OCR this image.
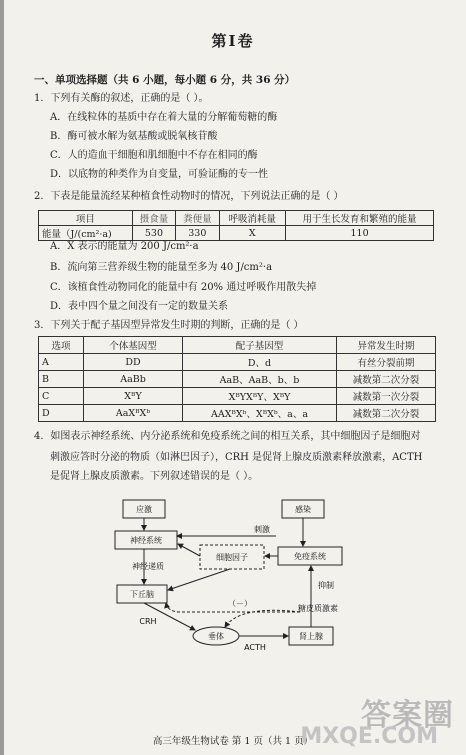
第Ⅰ卷
一、单项选择题（共 6 小题，每小题 6 分，共 36 分）
1．下列有关酶的叙述，正确的是（ ）。
A．在线粒体的基质中存在着大量的分解葡萄糖的酶
B．酶可被水解为氨基酸或脱氧核苷酸
C．人的造血干细胞和肌细胞中不存在相同的酶
D．以底物的种类作为自变量，可验证酶的专一性
2．下表是能量流经某种植食性动物时的情况，下列说法正确的是（ ）
项目	摄食量	粪便量	呼吸消耗量	用于生长发育和繁殖的能量
能量（J/(cm²·a)	530	330	X	110
A．X 表示的能量为 200 J/cm²·a
B．流向第三营养级生物的能量至多为 40 J/cm²·a
C．该植食性动物同化的能量中有 20% 通过呼吸作用散失掉
D．表中四个量之间没有一定的数量关系
3．下列关于配子基因型异常发生时期的判断，正确的是（ ）
选项	个体基因型	配子基因型	异常发生时期
A	DD	D、d	有丝分裂前期
B	AaBb	AaB、AaB、b、b	减数第二次分裂
C	XᴮY	XᴮYXᴮY、XᴮY	减数第一次分裂
D	AaXᴮXᵇ	AAXᴮXᵇ、XᴮXᵇ、a、a	减数第二次分裂
4．如图表示神经系统、内分泌系统和免疫系统之间的相互关系，其中细胞因子是细胞对
刺激应答时分泌的物质（如淋巴因子），CRH 是促肾上腺皮质激素释放激素，ACTH
是促肾上腺皮质激素。下列叙述错误的是（ ）。
应激	感染
神经系统
细胞因子	免疫系统
神经递质
刺激
下丘脑
抑制
（－）
糖皮质激素
CRH
垂体
ACTH
肾上腺
高三年级生物试卷 第 1 页（共 1 页）
答案圈
MXQE.COM
